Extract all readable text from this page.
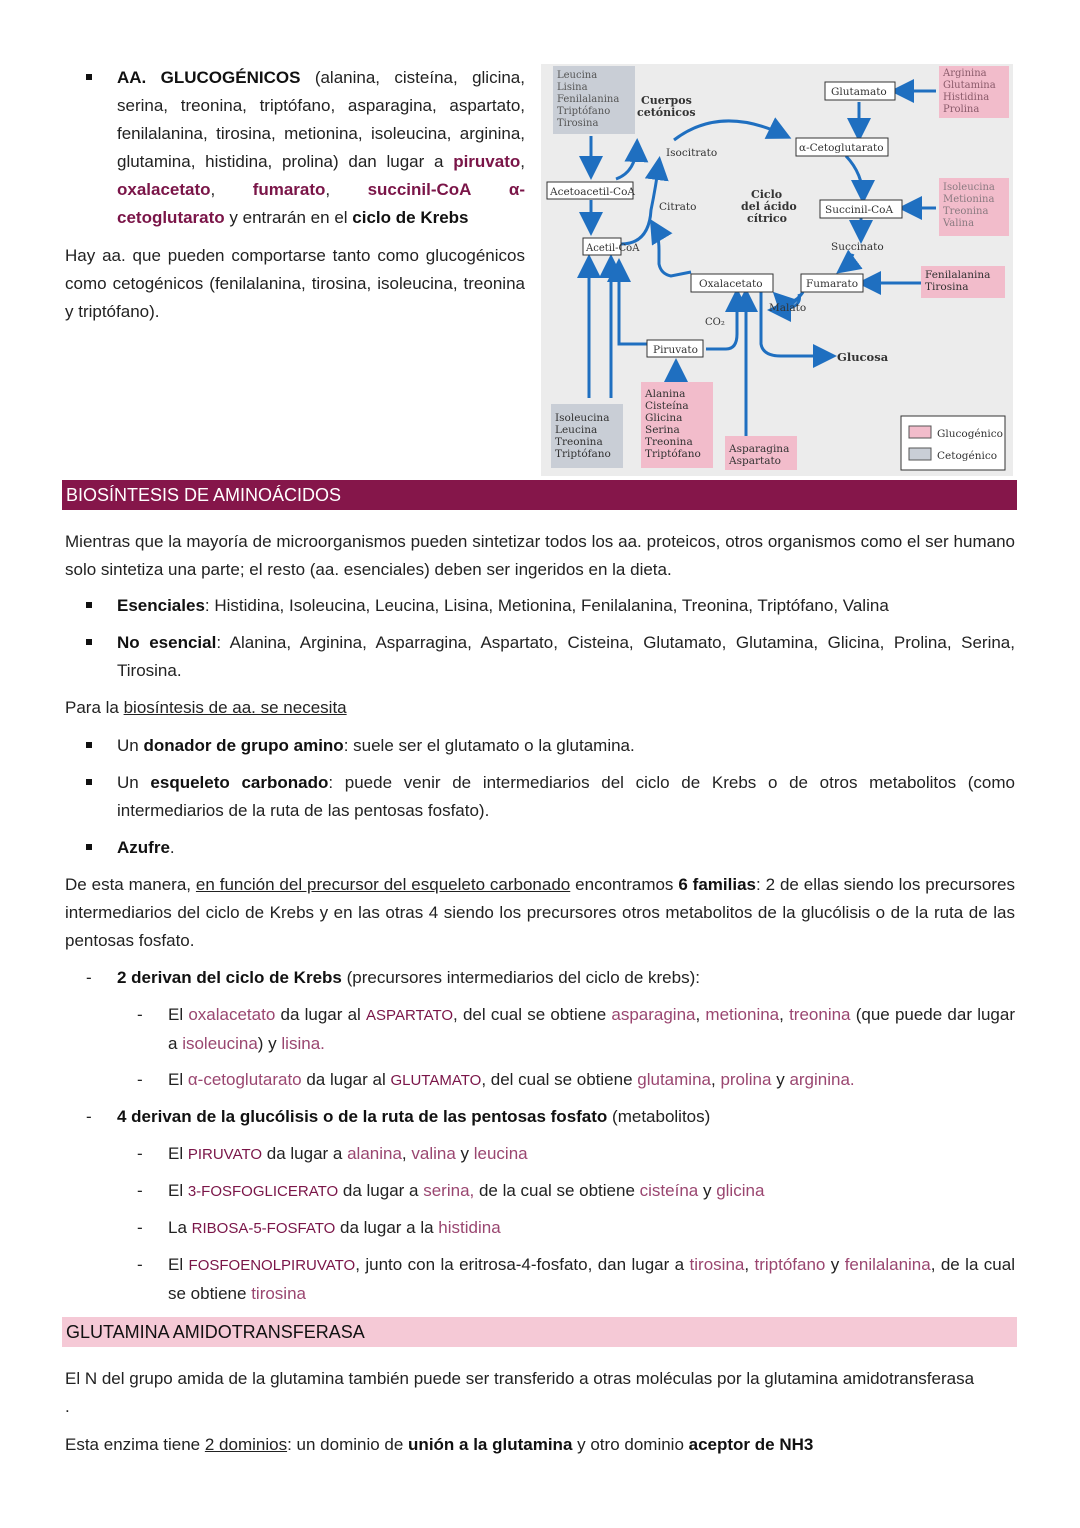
AA. GLUCOGÉNICOS (alanina, cisteína, glicina, serina, treonina, triptófano, asparagina, aspartato, fenilalanina, tirosina, metionina, isoleucina, arginina, glutamina, histidina, prolina) dan lugar a piruvato, oxalacetato, fumarato, succinil-CoA α-cetoglutarato y entrarán en el ciclo de Krebs
Hay aa. que pueden comportarse tanto como glucogénicos como cetogénicos (fenilalanina, tirosina, isoleucina, treonina y triptófano).
Leucina Lisina Fenilalanina Triptófano Tirosina
Cuerpos cetónicos
Glutamato
Arginina Glutamina Histidina Prolina
Isocitrato	α-Cetoglutarato
Acetoacetil-CoA
Citrato
Ciclo del ácido cítrico
Succinil-CoA
Isoleucina Metionina Treonina Valina
Acetil-CoA	Succinato
Oxalacetato	Fumarato
Fenilalanina Tirosina
Malato
CO₂
Piruvato	Glucosa
Isoleucina Leucina Treonina Triptófano
Alanina Cisteína Glicina Serina Treonina Triptófano	Asparagina Aspartato
Glucogénico
Cetogénico
BIOSÍNTESIS DE AMINOÁCIDOS
Mientras que la mayoría de microorganismos pueden sintetizar todos los aa. proteicos, otros organismos como el ser humano solo sintetiza una parte; el resto (aa. esenciales) deben ser ingeridos en la dieta.
Esenciales: Histidina, Isoleucina, Leucina, Lisina, Metionina, Fenilalanina, Treonina, Triptófano, Valina
No esencial: Alanina, Arginina, Asparragina, Aspartato, Cisteina, Glutamato, Glutamina, Glicina, Prolina, Serina, Tirosina.
Para la biosíntesis de aa. se necesita
Un donador de grupo amino: suele ser el glutamato o la glutamina.
Un esqueleto carbonado: puede venir de intermediarios del ciclo de Krebs o de otros metabolitos (como intermediarios de la ruta de las pentosas fosfato).
Azufre.
De esta manera, en función del precursor del esqueleto carbonado encontramos 6 familias: 2 de ellas siendo los precursores intermediarios del ciclo de Krebs y en las otras 4 siendo los precursores otros metabolitos de la glucólisis o de la ruta de las pentosas fosfato.
- 2 derivan del ciclo de Krebs (precursores intermediarios del ciclo de krebs):
- El oxalacetato da lugar al ASPARTATO, del cual se obtiene asparagina, metionina, treonina (que puede dar lugar a isoleucina) y lisina.
- El α-cetoglutarato da lugar al GLUTAMATO, del cual se obtiene glutamina, prolina y arginina.
- 4 derivan de la glucólisis o de la ruta de las pentosas fosfato (metabolitos)
- El PIRUVATO da lugar a alanina, valina y leucina
- El 3-FOSFOGLICERATO da lugar a serina, de la cual se obtiene cisteína y glicina
- La RIBOSA-5-FOSFATO da lugar a la histidina
- El FOSFOENOLPIRUVATO, junto con la eritrosa-4-fosfato, dan lugar a tirosina, triptófano y fenilalanina, de la cual se obtiene tirosina
GLUTAMINA AMIDOTRANSFERASA
El N del grupo amida de la glutamina también puede ser transferido a otras moléculas por la glutamina amidotransferasa
.
Esta enzima tiene 2 dominios: un dominio de unión a la glutamina y otro dominio aceptor de NH3
